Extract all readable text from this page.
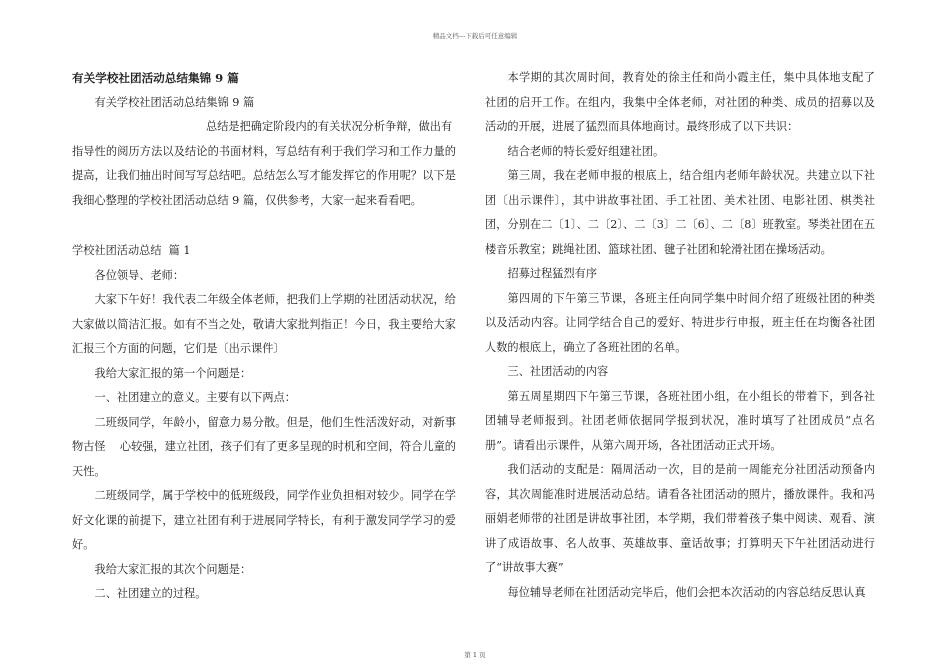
精品文档---下载后可任意编辑

有关学校社团活动总结集锦 9 篇

有关学校社团活动总结集锦 9 篇

总结是把确定阶段内的有关状况分析争辩，做出有

指导性的阅历方法以及结论的书面材料，写总结有利于我们学习和工作力量的提高，让我们抽出时间写写总结吧。总结怎么写才能发挥它的作用呢？以下是我细心整理的学校社团活动总结 9 篇，仅供参考，大家一起来看看吧。

学校社团活动总结  篇 1

各位领导、老师：

大家下午好！我代表二年级全体老师，把我们上学期的社团活动状况，给大家做以简洁汇报。如有不当之处，敬请大家批判指正！今日，我主要给大家汇报三个方面的问题，它们是〔出示课件〕

我给大家汇报的第一个问题是：

一、社团建立的意义。主要有以下两点：

二班级同学，年龄小，留意力易分散。但是，他们生性活泼好动，对新事物古怪    心较强，建立社团，孩子们有了更多呈现的时机和空间，符合儿童的天性。

二班级同学，属于学校中的低班级段，同学作业负担相对较少。同学在学好文化课的前提下，建立社团有利于进展同学特长，有利于激发同学学习的爱好。

我给大家汇报的其次个问题是：

二、社团建立的过程。

本学期的其次周时间，教育处的徐主任和尚小霞主任，集中具体地支配了社团的启开工作。在组内，我集中全体老师，对社团的种类、成员的招募以及活动的开展，进展了猛烈而具体地商讨。最终形成了以下共识：

结合老师的特长爱好组建社团。

第三周，我在老师申报的根底上，结合组内老师年龄状况。共建立以下社团〔出示课件〕，其中讲故事社团、手工社团、美术社团、电影社团、棋类社团，分别在二〔1〕、二〔2〕、二〔3〕二〔6〕、二〔8〕班教室。琴类社团在五楼音乐教室；跳绳社团、篮球社团、毽子社团和轮滑社团在操场活动。

招募过程猛烈有序

第四周的下午第三节课，各班主任向同学集中时间介绍了班级社团的种类以及活动内容。让同学结合自己的爱好、特进步行申报，班主任在均衡各社团人数的根底上，确立了各班社团的名单。

三、社团活动的内容

第五周星期四下午第三节课，各班社团小组，在小组长的带着下，到各社团辅导老师报到。社团老师依据同学报到状况，准时填写了社团成员“点名册”。请看出示课件，从第六周开场，各社团活动正式开场。

我们活动的支配是：隔周活动一次，目的是前一周能充分社团活动预备内容，其次周能准时进展活动总结。请看各社团活动的照片，播放课件。我和冯丽娟老师带的社团是讲故事社团，本学期，我们带着孩子集中阅读、观看、演讲了成语故事、名人故事、英雄故事、童话故事；打算明天下午社团活动进行了“讲故事大赛”

每位辅导老师在社团活动完毕后，他们会把本次活动的内容总结反思认真

第 1 页
